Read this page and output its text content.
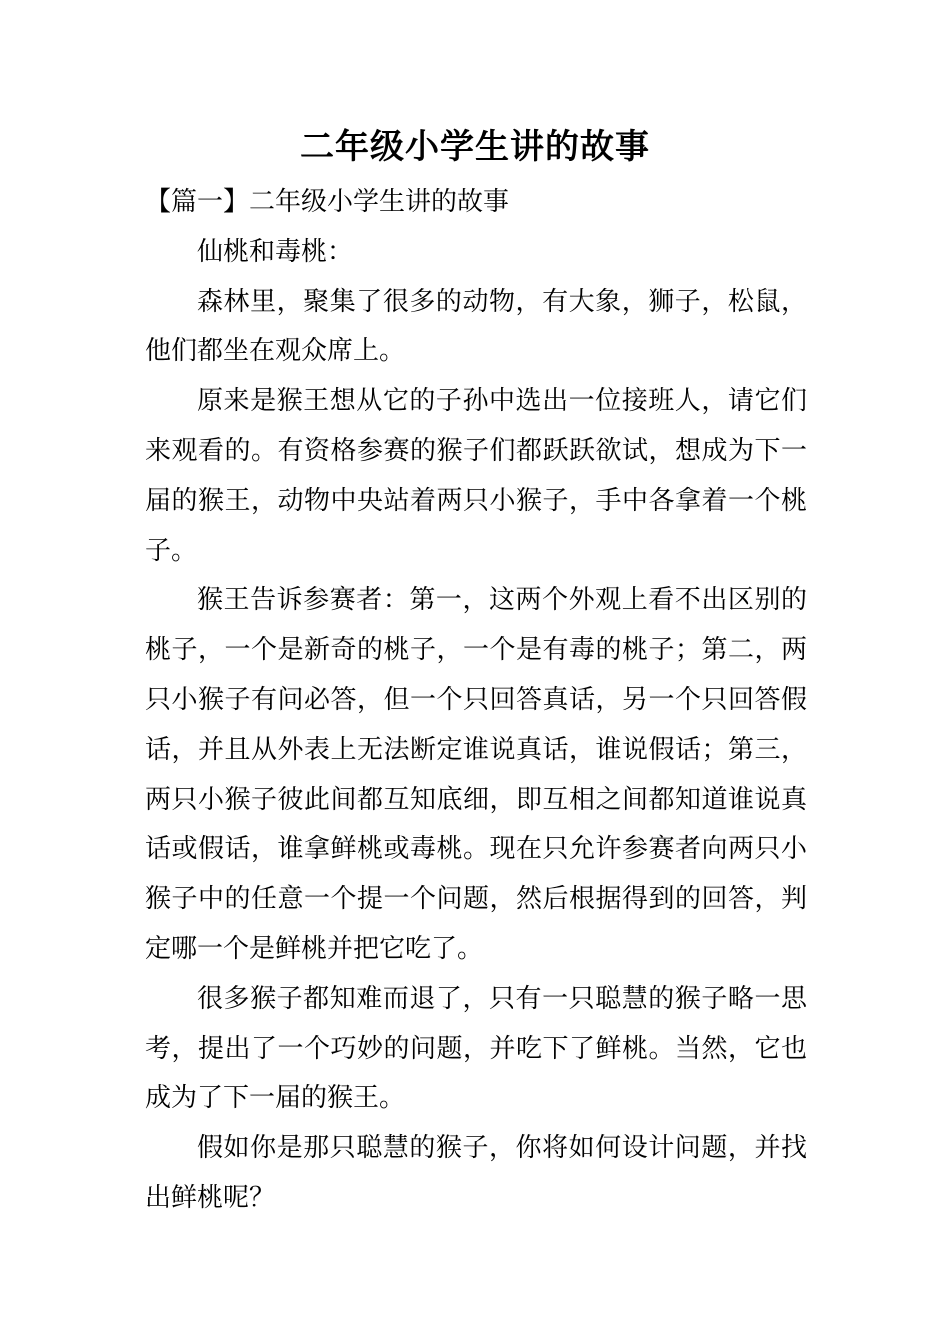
二年级小学生讲的故事

【篇一】二年级小学生讲的故事

仙桃和毒桃：

森林里，聚集了很多的动物，有大象，狮子，松鼠，他们都坐在观众席上。

原来是猴王想从它的子孙中选出一位接班人，请它们来观看的。有资格参赛的猴子们都跃跃欲试，想成为下一届的猴王，动物中央站着两只小猴子，手中各拿着一个桃子。

猴王告诉参赛者：第一，这两个外观上看不出区别的桃子，一个是新奇的桃子，一个是有毒的桃子；第二，两只小猴子有问必答，但一个只回答真话，另一个只回答假话，并且从外表上无法断定谁说真话，谁说假话；第三，两只小猴子彼此间都互知底细，即互相之间都知道谁说真话或假话，谁拿鲜桃或毒桃。现在只允许参赛者向两只小猴子中的任意一个提一个问题，然后根据得到的回答，判定哪一个是鲜桃并把它吃了。

很多猴子都知难而退了，只有一只聪慧的猴子略一思考，提出了一个巧妙的问题，并吃下了鲜桃。当然，它也成为了下一届的猴王。

假如你是那只聪慧的猴子，你将如何设计问题，并找出鲜桃呢？
